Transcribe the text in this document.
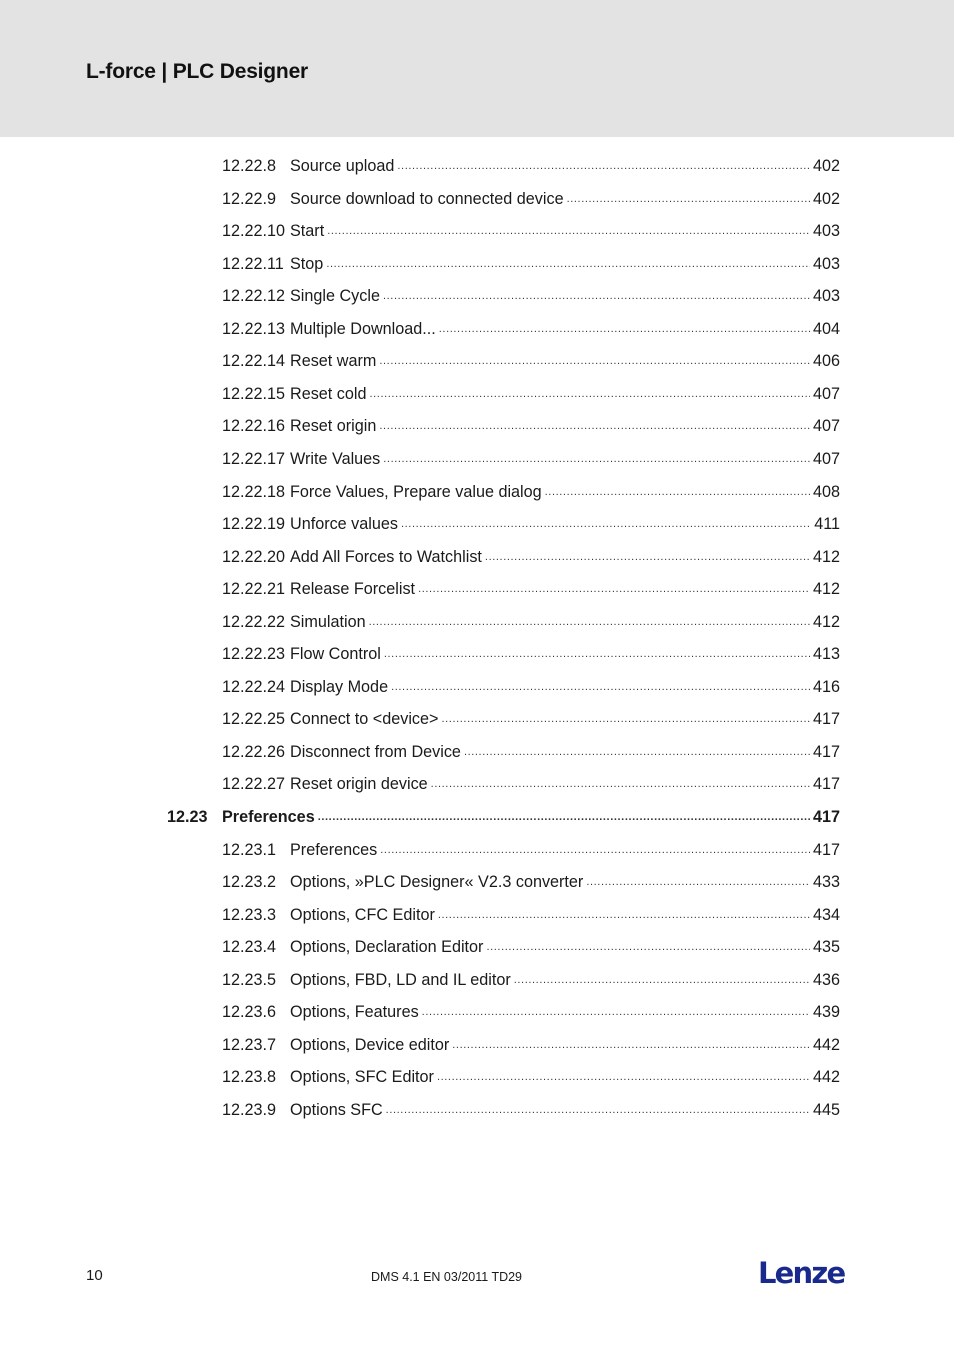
L-force | PLC Designer
12.22.8 Source upload .....	402
12.22.9 Source download to connected device .....	402
12.22.10 Start .....	403
12.22.11 Stop .....	403
12.22.12 Single Cycle .....	403
12.22.13 Multiple Download... .....	404
12.22.14 Reset warm .....	406
12.22.15 Reset cold .....	407
12.22.16 Reset origin .....	407
12.22.17 Write Values .....	407
12.22.18 Force Values, Prepare value dialog .....	408
12.22.19 Unforce values .....	411
12.22.20 Add All Forces to Watchlist .....	412
12.22.21 Release Forcelist .....	412
12.22.22 Simulation .....	412
12.22.23 Flow Control .....	413
12.22.24 Display Mode .....	416
12.22.25 Connect to <device> .....	417
12.22.26 Disconnect from Device .....	417
12.22.27 Reset origin device .....	417
12.23 Preferences .....	417
12.23.1 Preferences .....	417
12.23.2 Options, »PLC Designer« V2.3 converter .....	433
12.23.3 Options, CFC Editor .....	434
12.23.4 Options, Declaration Editor .....	435
12.23.5 Options, FBD, LD and IL editor .....	436
12.23.6 Options, Features .....	439
12.23.7 Options, Device editor .....	442
12.23.8 Options, SFC Editor .....	442
12.23.9 Options SFC .....	445
10	DMS 4.1 EN 03/2011 TD29	Lenze
